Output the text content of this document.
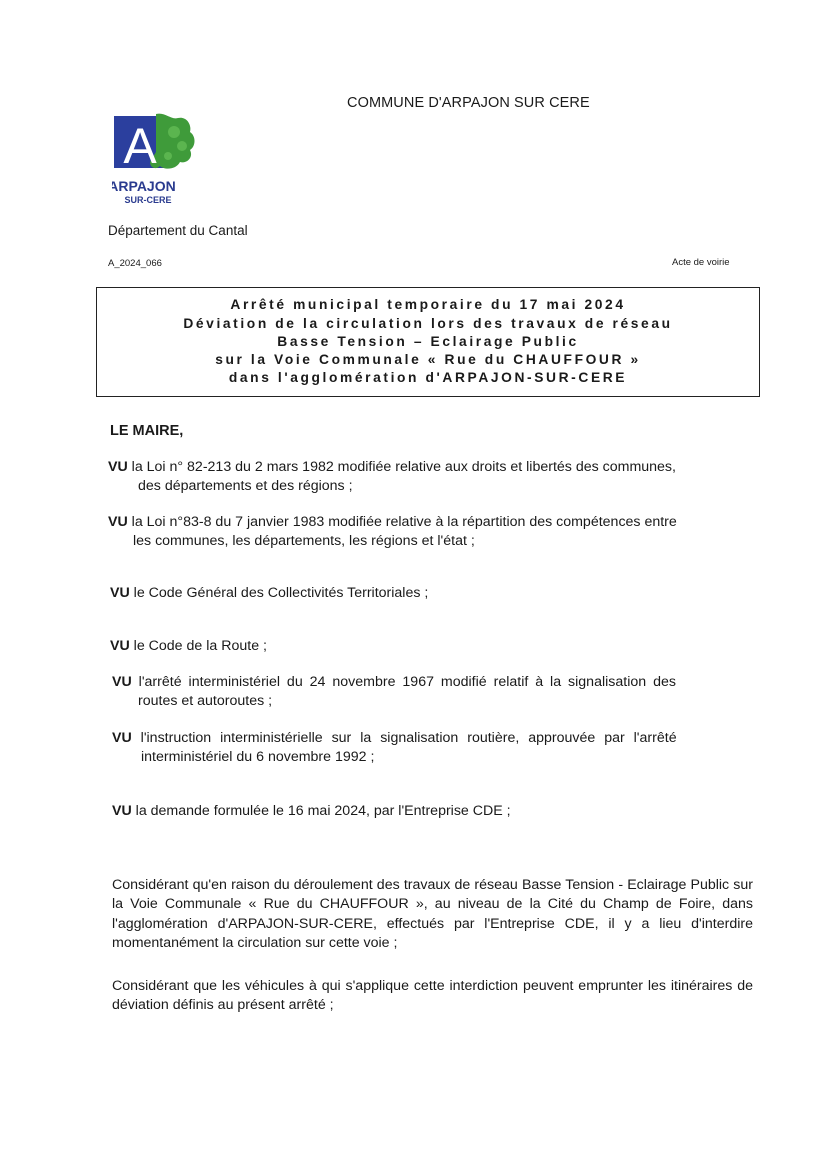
COMMUNE D'ARPAJON SUR CERE
A
ARPAJON
SUR-CERE
Département du Cantal
A_2024_066	Acte de voirie
Arrêté municipal temporaire du 17 mai 2024
Déviation de la circulation lors des travaux de réseau
Basse Tension – Eclairage Public
sur la Voie Communale « Rue du CHAUFFOUR »
dans l'agglomération d'ARPAJON-SUR-CERE
LE MAIRE,
VU la Loi n° 82-213 du 2 mars 1982 modifiée relative aux droits et libertés des communes,
des départements et des régions ;
VU la Loi n°83-8 du 7 janvier 1983 modifiée relative à la répartition des compétences entre
les communes, les départements, les régions et l'état ;
VU le Code Général des Collectivités Territoriales ;
VU le Code de la Route ;
VU l'arrêté interministériel du 24 novembre 1967 modifié relatif à la signalisation des
routes et autoroutes ;
VU l'instruction interministérielle sur la signalisation routière, approuvée par l'arrêté
interministériel du 6 novembre 1992 ;
VU la demande formulée le 16 mai 2024, par l'Entreprise CDE ;
Considérant qu'en raison du déroulement des travaux de réseau Basse Tension - Eclairage Public sur la Voie Communale « Rue du CHAUFFOUR », au niveau de la Cité du Champ de Foire, dans l'agglomération d'ARPAJON-SUR-CERE, effectués par l'Entreprise CDE, il y a lieu d'interdire momentanément la circulation sur cette voie ;
Considérant que les véhicules à qui s'applique cette interdiction peuvent emprunter les itinéraires de déviation définis au présent arrêté ;
